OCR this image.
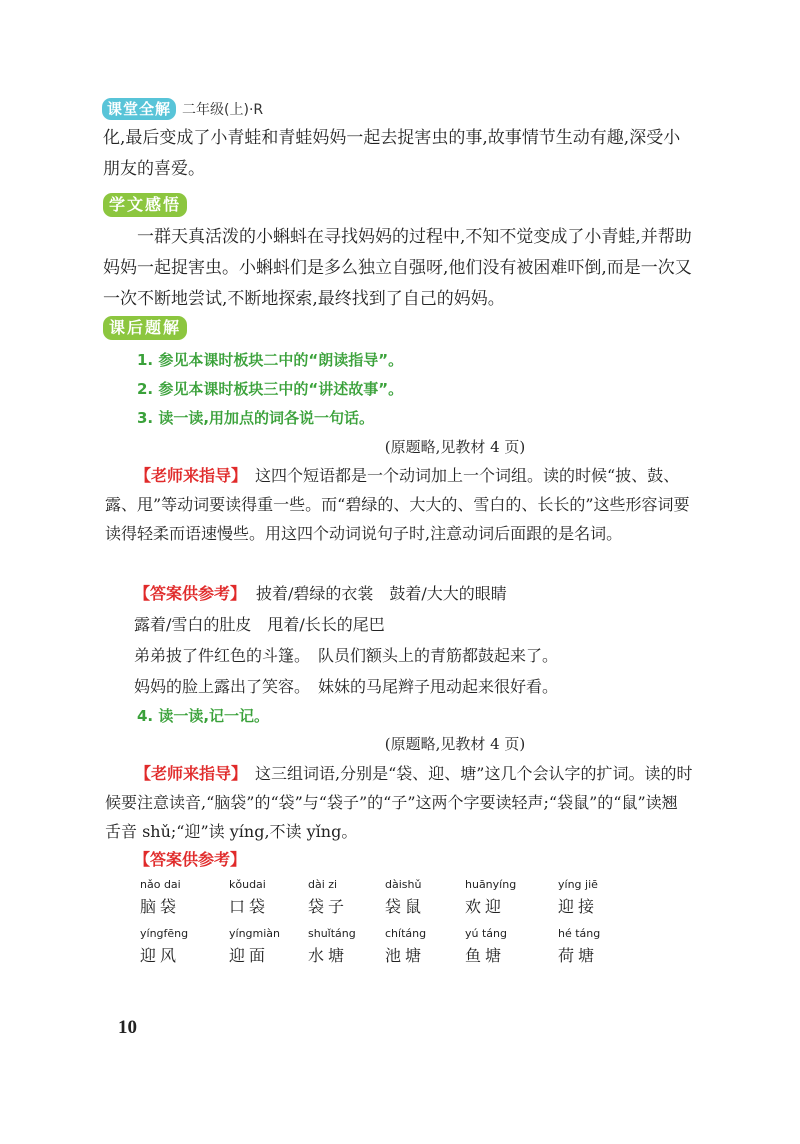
课堂全解 二年级(上)·R

化,最后变成了小青蛙和青蛙妈妈一起去捉害虫的事,故事情节生动有趣,深受小朋友的喜爱。

学文感悟

一群天真活泼的小蝌蚪在寻找妈妈的过程中,不知不觉变成了小青蛙,并帮助妈妈一起捉害虫。小蝌蚪们是多么独立自强呀,他们没有被困难吓倒,而是一次又一次不断地尝试,不断地探索,最终找到了自己的妈妈。

课后题解
1. 参见本课时板块二中的“朗读指导”。
2. 参见本课时板块三中的“讲述故事”。
3. 读一读,用加点的词各说一句话。
(原题略,见教材 4 页)

【老师来指导】 这四个短语都是一个动词加上一个词组。读的时候“披、鼓、露、甩”等动词要读得重一些。而“碧绿的、大大的、雪白的、长长的”这些形容词要读得轻柔而语速慢些。用这四个动词说句子时,注意动词后面跟的是名词。

【答案供参考】 披着/碧绿的衣裳　鼓着/大大的眼睛
露着/雪白的肚皮　甩着/长长的尾巴
弟弟披了件红色的斗篷。　队员们额头上的青筋都鼓起来了。
妈妈的脸上露出了笑容。　妹妹的马尾辫子甩动起来很好看。
4. 读一读,记一记。
(原题略,见教材 4 页)

【老师来指导】 这三组词语,分别是“袋、迎、塘”这几个会认字的扩词。读的时候要注意读音,“脑袋”的“袋”与“袋子”的“子”这两个字要读轻声;“袋鼠”的“鼠”读翘舌音 shǔ;“迎”读 yíng,不读 yǐng。

【答案供参考】
nǎo dai
脑袋
kǒudai
口袋
dài zi
袋子
dàishǔ
袋鼠
huānyíng
欢迎
yíng jiē
迎接
yíngfēng
迎风
yíngmiàn
迎面
shuǐtáng
水塘
chítáng
池塘
yú táng
鱼塘
hé táng
荷塘
10
